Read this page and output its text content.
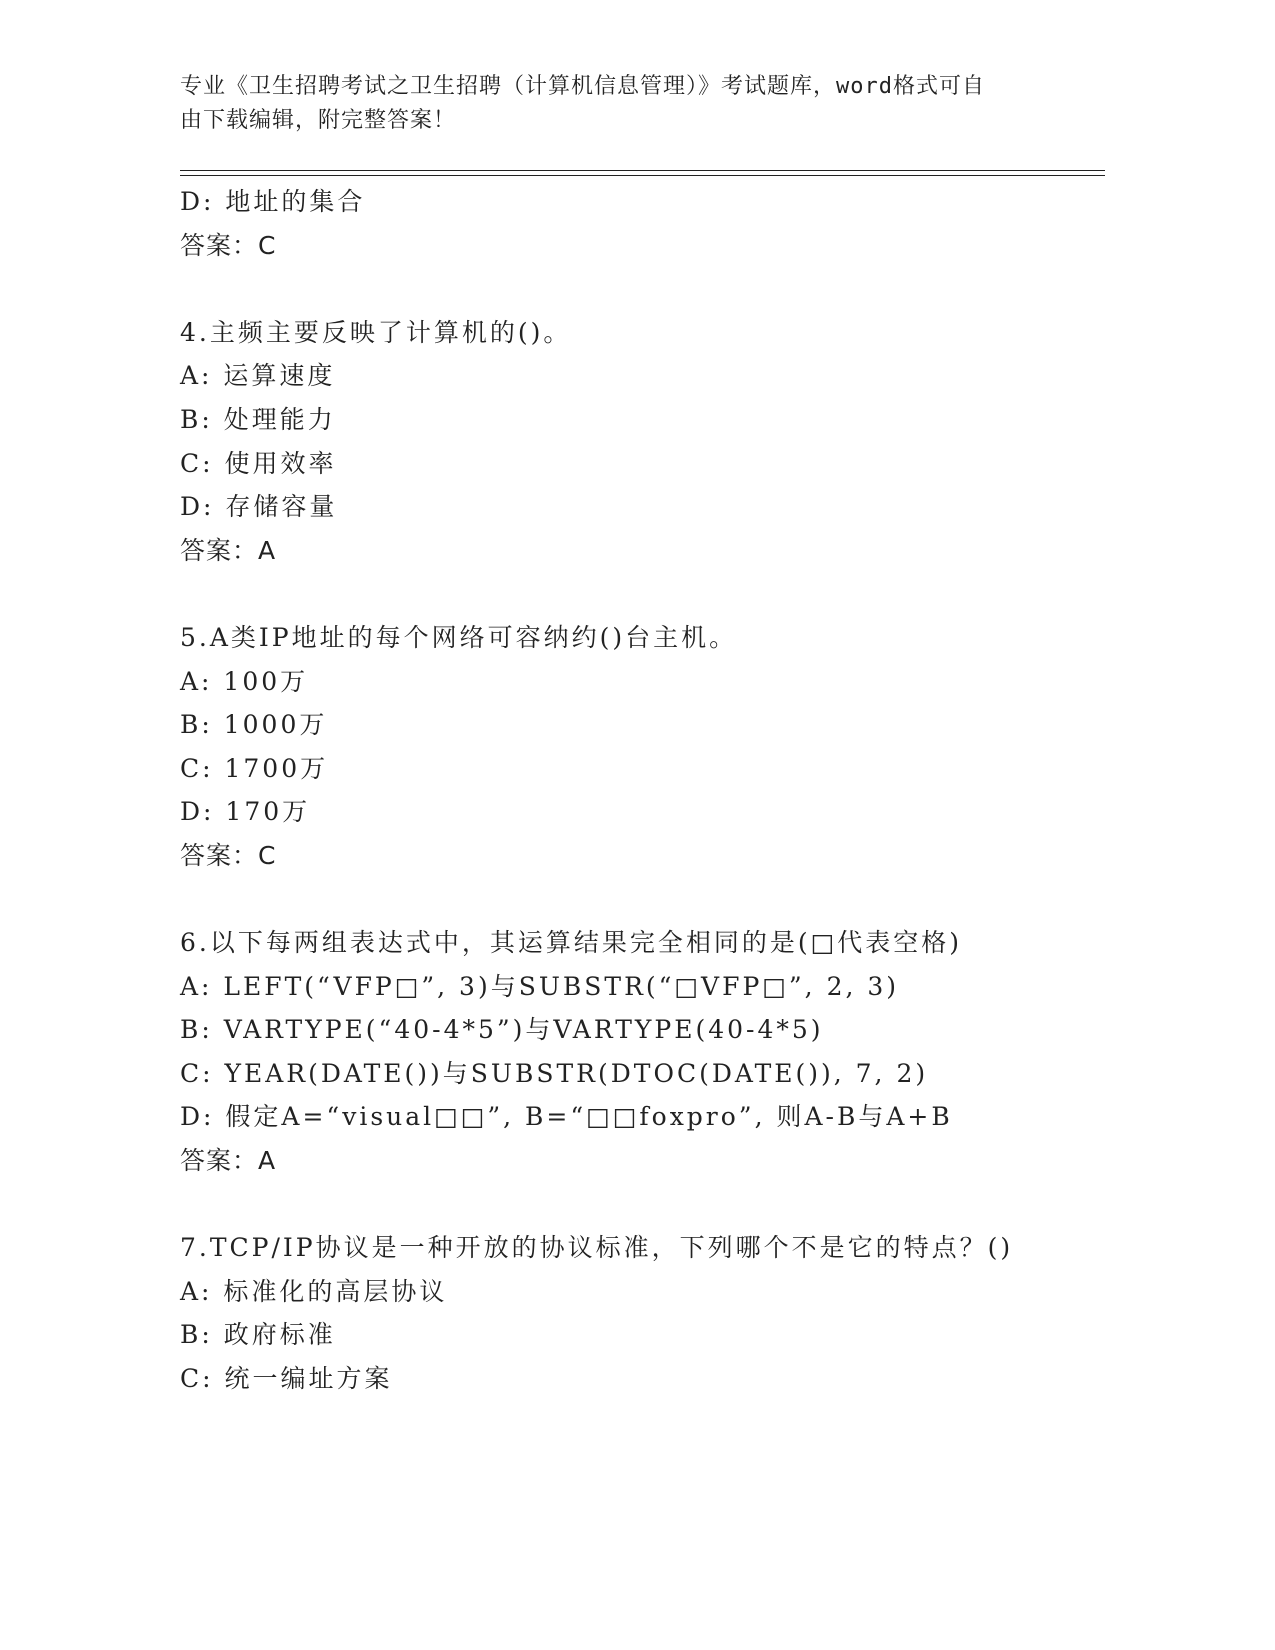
专业《卫生招聘考试之卫生招聘（计算机信息管理）》考试题库，word格式可自
由下载编辑，附完整答案！
D: 地址的集合
答案：C
4.主频主要反映了计算机的()。
A: 运算速度
B: 处理能力
C: 使用效率
D: 存储容量
答案：A
5.A类IP地址的每个网络可容纳约()台主机。
A: 100万
B: 1000万
C: 1700万
D: 170万
答案：C
6.以下每两组表达式中，其运算结果完全相同的是(□代表空格)
A: LEFT(“VFP□”, 3)与SUBSTR(“□VFP□”, 2, 3)
B: VARTYPE(“40-4*5”)与VARTYPE(40-4*5)
C: YEAR(DATE())与SUBSTR(DTOC(DATE()), 7, 2)
D: 假定A=“visual□□”, B=“□□foxpro”, 则A-B与A+B
答案：A
7.TCP/IP协议是一种开放的协议标准，下列哪个不是它的特点？()
A: 标准化的高层协议
B: 政府标准
C: 统一编址方案
